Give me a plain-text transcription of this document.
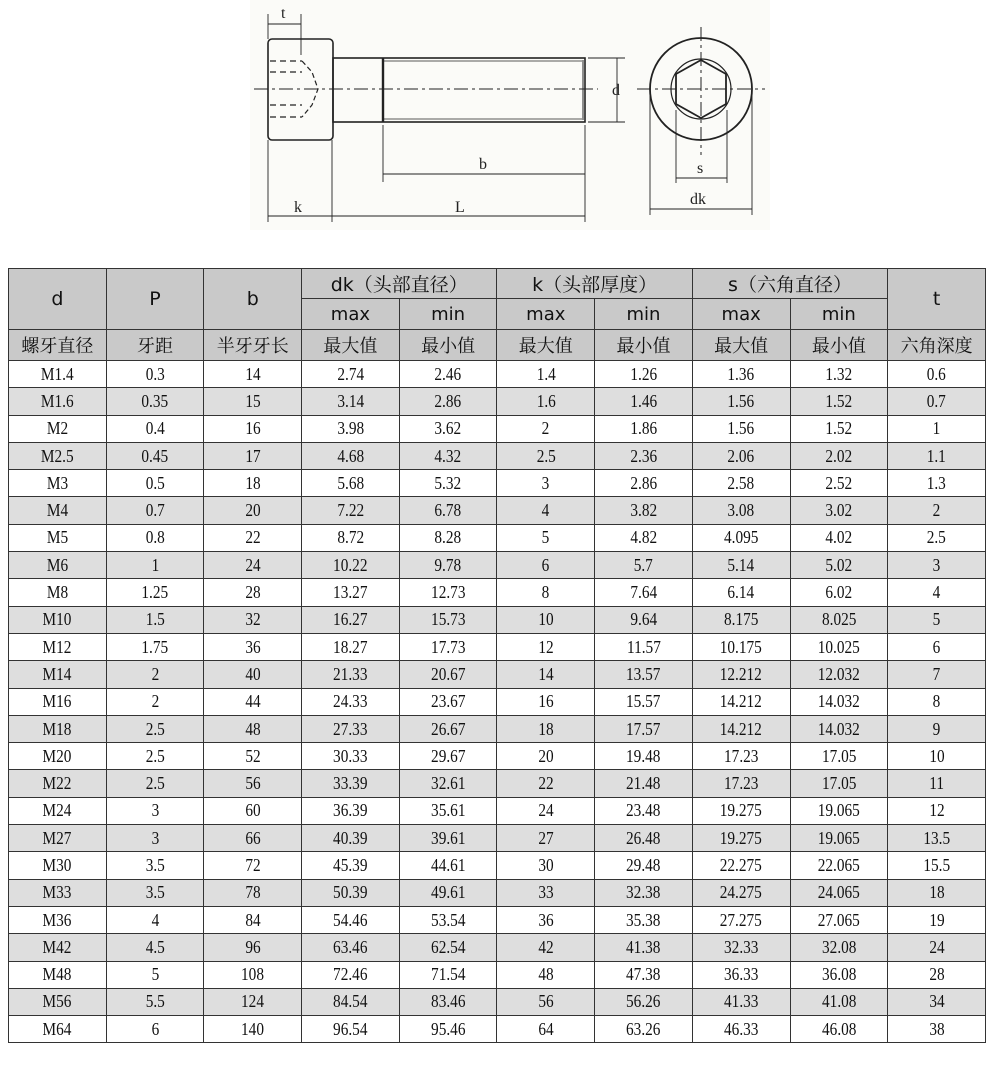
t
d
b
k	L
s
dk
d	P	b	dk（头部直径）		k（头部厚度）		s（六角直径）		t
			max	min	max	min	max	min	
螺牙直径	牙距	半牙牙长	最大值	最小值	最大值	最小值	最大值	最小值	六角深度
M1.4	0.3	14	2.74	2.46	1.4	1.26	1.36	1.32	0.6
M1.6	0.35	15	3.14	2.86	1.6	1.46	1.56	1.52	0.7
M2	0.4	16	3.98	3.62	2	1.86	1.56	1.52	1
M2.5	0.45	17	4.68	4.32	2.5	2.36	2.06	2.02	1.1
M3	0.5	18	5.68	5.32	3	2.86	2.58	2.52	1.3
M4	0.7	20	7.22	6.78	4	3.82	3.08	3.02	2
M5	0.8	22	8.72	8.28	5	4.82	4.095	4.02	2.5
M6	1	24	10.22	9.78	6	5.7	5.14	5.02	3
M8	1.25	28	13.27	12.73	8	7.64	6.14	6.02	4
M10	1.5	32	16.27	15.73	10	9.64	8.175	8.025	5
M12	1.75	36	18.27	17.73	12	11.57	10.175	10.025	6
M14	2	40	21.33	20.67	14	13.57	12.212	12.032	7
M16	2	44	24.33	23.67	16	15.57	14.212	14.032	8
M18	2.5	48	27.33	26.67	18	17.57	14.212	14.032	9
M20	2.5	52	30.33	29.67	20	19.48	17.23	17.05	10
M22	2.5	56	33.39	32.61	22	21.48	17.23	17.05	11
M24	3	60	36.39	35.61	24	23.48	19.275	19.065	12
M27	3	66	40.39	39.61	27	26.48	19.275	19.065	13.5
M30	3.5	72	45.39	44.61	30	29.48	22.275	22.065	15.5
M33	3.5	78	50.39	49.61	33	32.38	24.275	24.065	18
M36	4	84	54.46	53.54	36	35.38	27.275	27.065	19
M42	4.5	96	63.46	62.54	42	41.38	32.33	32.08	24
M48	5	108	72.46	71.54	48	47.38	36.33	36.08	28
M56	5.5	124	84.54	83.46	56	56.26	41.33	41.08	34
M64	6	140	96.54	95.46	64	63.26	46.33	46.08	38
